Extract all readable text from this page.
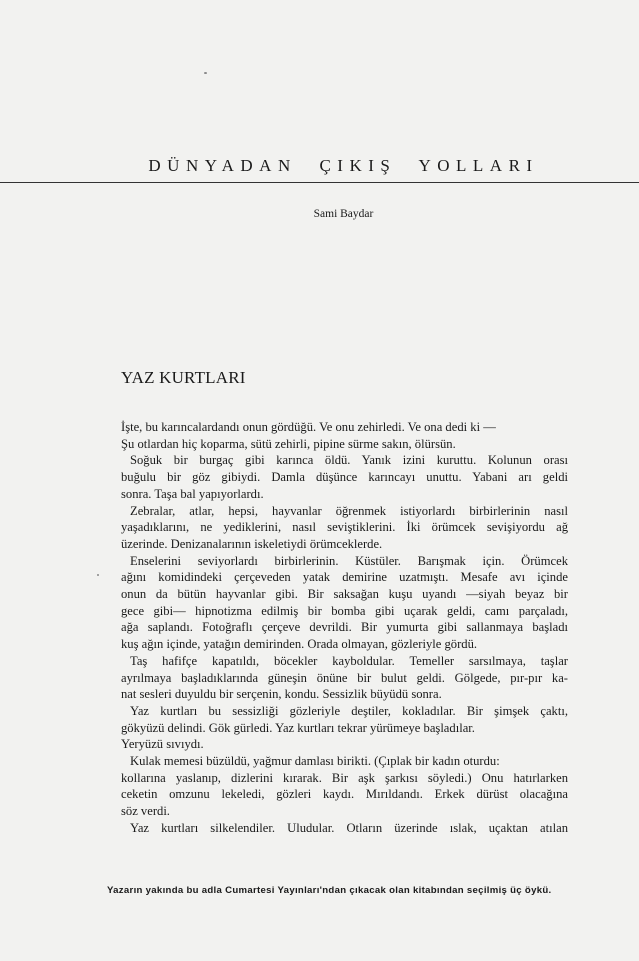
DÜNYADAN ÇIKIŞ YOLLARI
Sami Baydar
YAZ KURTLARI

İşte, bu karıncalardandı onun gördüğü. Ve onu zehirledi. Ve ona dedi ki —

Şu otlardan hiç koparma, sütü zehirli, pipine sürme sakın, ölürsün.

Soğuk bir burgaç gibi karınca öldü. Yanık izini kuruttu. Kolunun orası

buğulu bir göz gibiydi. Damla düşünce karıncayı unuttu. Yabani arı geldi

sonra. Taşa bal yapıyorlardı.

Zebralar, atlar, hepsi, hayvanlar öğrenmek istiyorlardı birbirlerinin nasıl

yaşadıklarını, ne yediklerini, nasıl seviştiklerini. İki örümcek sevişiyordu ağ

üzerinde. Denizanalarının iskeletiydi örümceklerde.

Enselerini seviyorlardı birbirlerinin. Küstüler. Barışmak için. Örümcek

ağını komidindeki çerçeveden yatak demirine uzatmıştı. Mesafe avı içinde

onun da bütün hayvanlar gibi. Bir saksağan kuşu uyandı —siyah beyaz bir

gece gibi— hipnotizma edilmiş bir bomba gibi uçarak geldi, camı parçaladı,

ağa saplandı. Fotoğraflı çerçeve devrildi. Bir yumurta gibi sallanmaya başladı

kuş ağın içinde, yatağın demirinden. Orada olmayan, gözleriyle gördü.

Taş hafifçe kapatıldı, böcekler kayboldular. Temeller sarsılmaya, taşlar

ayrılmaya başladıklarında güneşin önüne bir bulut geldi. Gölgede, pır-pır ka-

nat sesleri duyuldu bir serçenin, kondu. Sessizlik büyüdü sonra.

Yaz kurtları bu sessizliği gözleriyle deştiler, kokladılar. Bir şimşek çaktı,

gökyüzü delindi. Gök gürledi. Yaz kurtları tekrar yürümeye başladılar.

Yeryüzü sıvıydı.

Kulak memesi büzüldü, yağmur damlası birikti. (Çıplak bir kadın oturdu:

kollarına yaslanıp, dizlerini kırarak. Bir aşk şarkısı söyledi.) Onu hatırlarken

ceketin omzunu lekeledi, gözleri kaydı. Mırıldandı. Erkek dürüst olacağına

söz verdi.

Yaz kurtları silkelendiler. Uludular. Otların üzerinde ıslak, uçaktan atılan

Yazarın yakında bu adla Cumartesi Yayınları'ndan çıkacak olan kitabından seçilmiş üç öykü.
